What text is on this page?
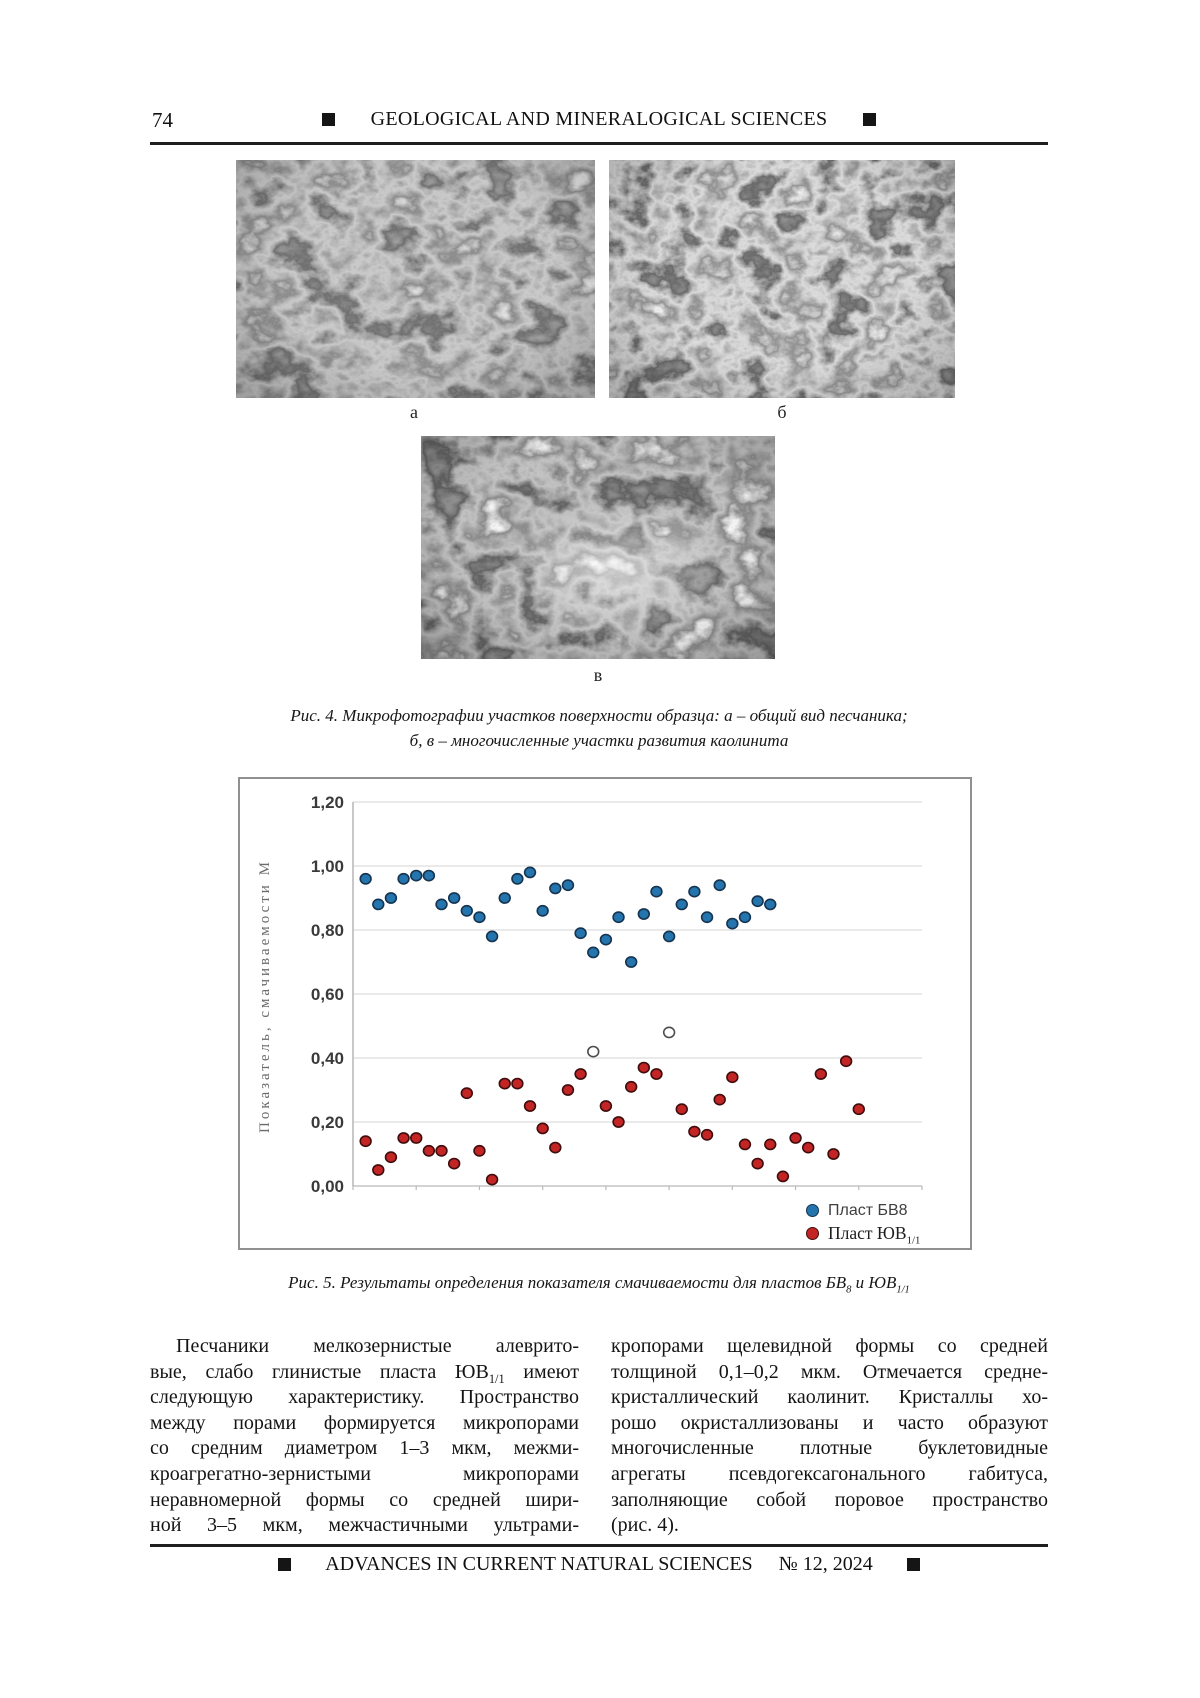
74	GEOLOGICAL AND MINERALOGICAL SCIENCES
а	б
в
Рис. 4. Микрофотографии участков поверхности образца: а – общий вид песчаника;
б, в – многочисленные участки развития каолинита
0,00
0,20
0,40
0,60
0,80
1,00
1,20
Показатель, смачиваемости М
Пласт БВ8
Пласт $ЮВ_{1/1}$
Рис. 5. Результаты определения показателя смачиваемости для пластов $БВ_8$ и $ЮВ_{1/1}$
Песчаники мелкозернистые алеврито-
вые, слабо глинистые пласта $ЮВ_{1/1}$ имеют
следующую характеристику. Пространство
между порами формируется микропорами
со средним диаметром 1–3 мкм, межми-
кроагрегатно-зернистыми микропорами
неравномерной формы со средней шири-
ной 3–5 мкм, межчастичными ультрами-
кропорами щелевидной формы со средней
толщиной 0,1–0,2 мкм. Отмечается средне-
кристаллический каолинит. Кристаллы хо-
рошо окристаллизованы и часто образуют
многочисленные плотные буклетовидные
агрегаты псевдогексагонального габитуса,
заполняющие собой поровое пространство
(рис. 4).
ADVANCES IN CURRENT NATURAL SCIENCES № 12, 2024
